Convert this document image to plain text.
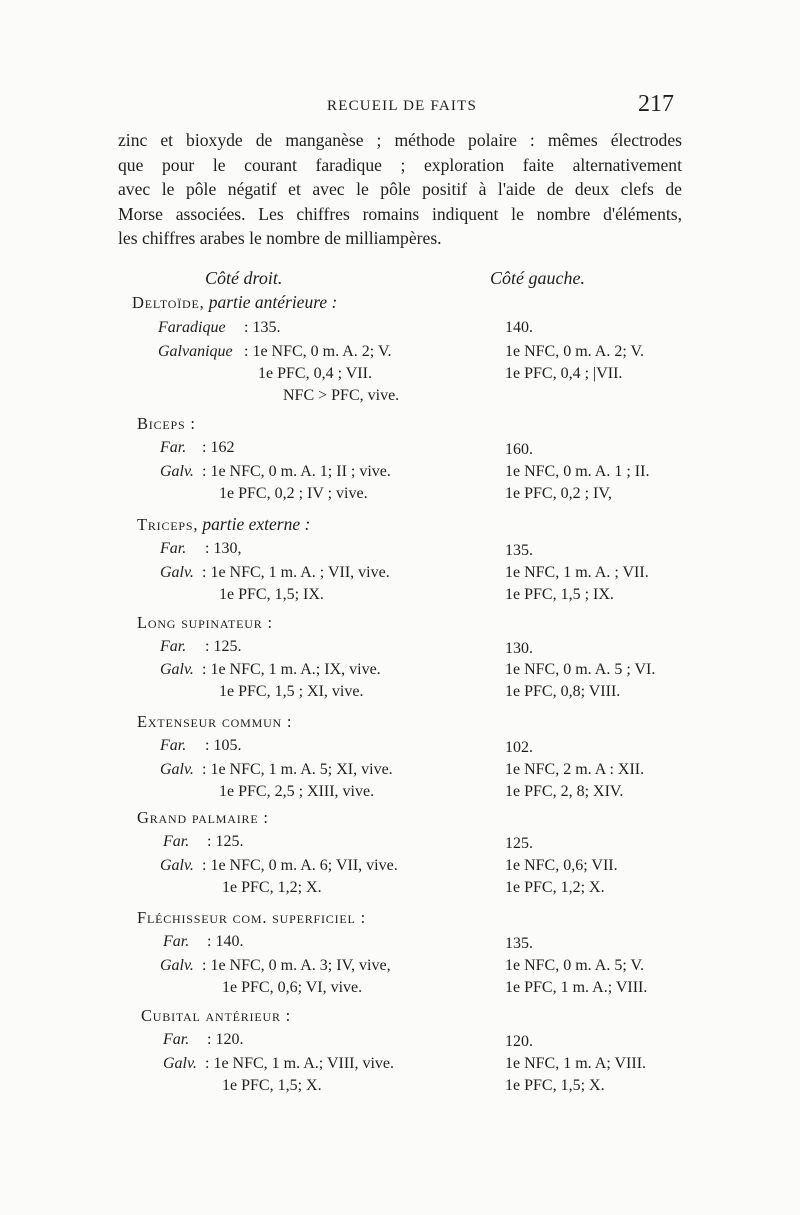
RECUEIL DE FAITS	217
zinc et bioxyde de manganèse ; méthode polaire : mêmes électrodes
que pour le courant faradique ; exploration faite alternativement
avec le pôle négatif et avec le pôle positif à l'aide de deux clefs de
Morse associées. Les chiffres romains indiquent le nombre d'éléments,
les chiffres arabes le nombre de milliampères.
Côté droit.	Côté gauche.
Deltoïde, partie antérieure :
Faradique : 135.	140.
Galvanique : 1e NFC, 0 m. A. 2; V.	1e NFC, 0 m. A. 2; V.
1e PFC, 0,4 ; VII.	1e PFC, 0,4 ; |VII.
NFC > PFC, vive.
Biceps :
Far. : 162	160.
Galv. : 1e NFC, 0 m. A. 1; II ; vive.	1e NFC, 0 m. A. 1 ; II.
1e PFC, 0,2 ; IV ; vive.	1e PFC, 0,2 ; IV,
Triceps, partie externe :
Far. : 130,	135.
Galv. : 1e NFC, 1 m. A. ; VII, vive.	1e NFC, 1 m. A. ; VII.
1e PFC, 1,5; IX.	1e PFC, 1,5 ; IX.
Long supinateur :
Far. : 125.	130.
Galv. : 1e NFC, 1 m. A.; IX, vive.	1e NFC, 0 m. A. 5 ; VI.
1e PFC, 1,5 ; XI, vive.	1e PFC, 0,8; VIII.
Extenseur commun :
Far. : 105.	102.
Galv. : 1e NFC, 1 m. A. 5; XI, vive.	1e NFC, 2 m. A : XII.
1e PFC, 2,5 ; XIII, vive.	1e PFC, 2, 8; XIV.
Grand palmaire :
Far. : 125.	125.
Galv. : 1e NFC, 0 m. A. 6; VII, vive.	1e NFC, 0,6; VII.
1e PFC, 1,2; X.	1e PFC, 1,2; X.
Fléchisseur com. superficiel :
Far. : 140.	135.
Galv. : 1e NFC, 0 m. A. 3; IV, vive,	1e NFC, 0 m. A. 5; V.
1e PFC, 0,6; VI, vive.	1e PFC, 1 m. A.; VIII.
Cubital antérieur :
Far. : 120.	120.
Galv. : 1e NFC, 1 m. A.; VIII, vive.	1e NFC, 1 m. A; VIII.
1e PFC, 1,5; X.	1e PFC, 1,5; X.
